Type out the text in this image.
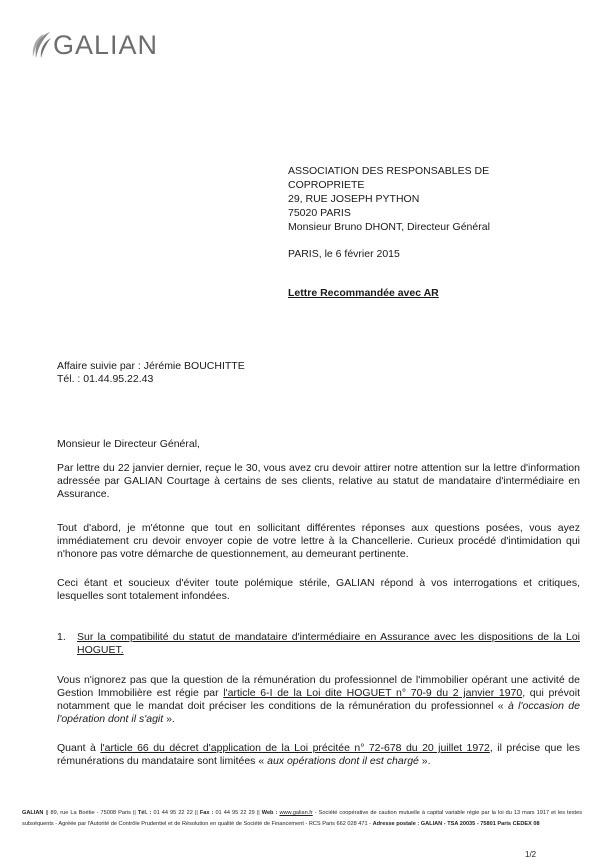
GALIAN
ASSOCIATION DES RESPONSABLES DE
COPROPRIETE
29, RUE JOSEPH PYTHON
75020 PARIS
Monsieur Bruno DHONT, Directeur Général
PARIS, le 6 février 2015
Lettre Recommandée avec AR
Affaire suivie par : Jérémie BOUCHITTE
Tél. : 01.44.95.22.43
Monsieur le Directeur Général,
Par lettre du 22 janvier dernier, reçue le 30, vous avez cru devoir attirer notre attention sur la lettre d'information adressée par GALIAN Courtage à certains de ses clients, relative au statut de mandataire d'intermédiaire en Assurance.
Tout d'abord, je m'étonne que tout en sollicitant différentes réponses aux questions posées, vous ayez immédiatement cru devoir envoyer copie de votre lettre à la Chancellerie. Curieux procédé d'intimidation qui n'honore pas votre démarche de questionnement, au demeurant pertinente.
Ceci étant et soucieux d'éviter toute polémique stérile, GALIAN répond à vos interrogations et critiques, lesquelles sont totalement infondées.
1.	Sur la compatibilité du statut de mandataire d'intermédiaire en Assurance avec les dispositions de la Loi HOGUET.
Vous n'ignorez pas que la question de la rémunération du professionnel de l'immobilier opérant une activité de Gestion Immobilière est régie par l'article 6-I de la Loi dite HOGUET n° 70-9 du 2 janvier 1970, qui prévoit notamment que le mandat doit préciser les conditions de la rémunération du professionnel « à l'occasion de l'opération dont il s'agit ».
Quant à l'article 66 du décret d'application de la Loi précitée n° 72-678 du 20 juillet 1972, il précise que les rémunérations du mandataire sont limitées « aux opérations dont il est chargé ».
GALIAN || 89, rue La Boétie - 75008 Paris || Tél. : 01 44 95 22 22 || Fax : 01 44 95 22 29 || Web : www.galian.fr - Société coopérative de caution mutuelle à capital variable régie par la loi du 13 mars 1917 et les textes subséquents - Agréée par l'Autorité de Contrôle Prudentiel et de Résolution en qualité de Société de Financement - RCS Paris 662 028 471 - Adresse postale : GALIAN - TSA 20035 - 75801 Paris CEDEX 08
1/2
